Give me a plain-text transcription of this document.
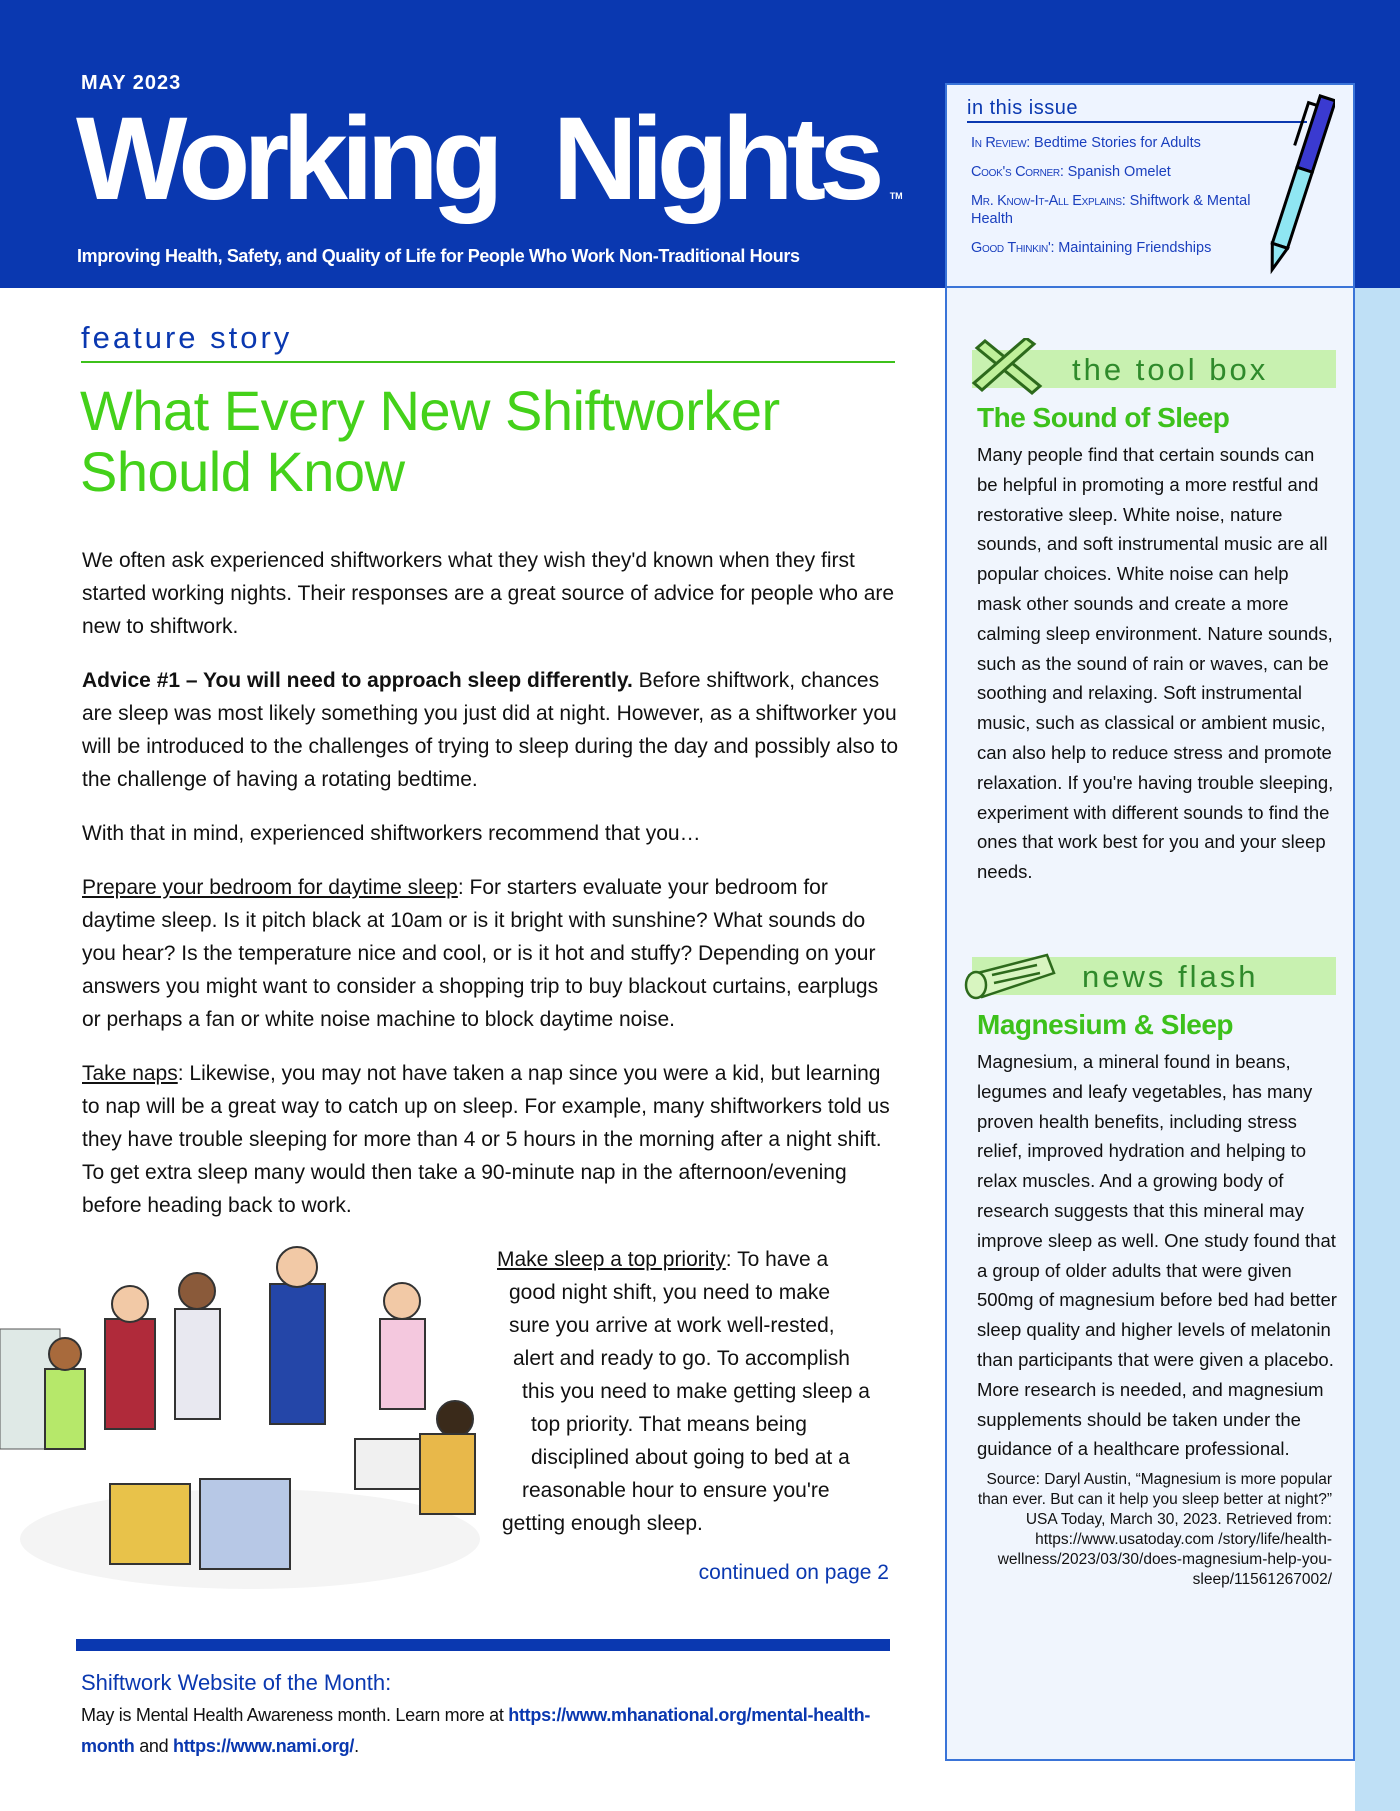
MAY 2023
Working Nights TM
Improving Health, Safety, and Quality of Life for People Who Work Non-Traditional Hours
in this issue
In Review: Bedtime Stories for Adults
Cook's Corner: Spanish Omelet
Mr. Know-It-All Explains: Shiftwork & Mental Health
Good Thinkin': Maintaining Friendships
feature story
What Every New Shiftworker
Should Know

We often ask experienced shiftworkers what they wish they'd known when they first started working nights. Their responses are a great source of advice for people who are new to shiftwork.

Advice #1 – You will need to approach sleep differently. Before shiftwork, chances are sleep was most likely something you just did at night. However, as a shiftworker you will be introduced to the challenges of trying to sleep during the day and possibly also to the challenge of having a rotating bedtime.

With that in mind, experienced shiftworkers recommend that you…

Prepare your bedroom for daytime sleep: For starters evaluate your bedroom for daytime sleep. Is it pitch black at 10am or is it bright with sunshine? What sounds do you hear? Is the temperature nice and cool, or is it hot and stuffy? Depending on your answers you might want to consider a shopping trip to buy blackout curtains, earplugs or perhaps a fan or white noise machine to block daytime noise.

Take naps: Likewise, you may not have taken a nap since you were a kid, but learning to nap will be a great way to catch up on sleep. For example, many shiftworkers told us they have trouble sleeping for more than 4 or 5 hours in the morning after a night shift. To get extra sleep many would then take a 90-minute nap in the afternoon/evening before heading back to work.

Make sleep a top priority: To have a
good night shift, you need to make
sure you arrive at work well-rested,
alert and ready to go. To accomplish
this you need to make getting sleep a
top priority. That means being
disciplined about going to bed at a
reasonable hour to ensure you're
getting enough sleep.
continued on page 2
Shiftwork Website of the Month:

May is Mental Health Awareness month. Learn more at https://www.mhanational.org/mental-health-month and https://www.nami.org/.

the tool box
The Sound of Sleep

Many people find that certain sounds can be helpful in promoting a more restful and restorative sleep. White noise, nature sounds, and soft instrumental music are all popular choices. White noise can help mask other sounds and create a more calming sleep environment. Nature sounds, such as the sound of rain or waves, can be soothing and relaxing. Soft instrumental music, such as classical or ambient music, can also help to reduce stress and promote relaxation. If you're having trouble sleeping, experiment with different sounds to find the ones that work best for you and your sleep needs.

news flash
Magnesium & Sleep

Magnesium, a mineral found in beans, legumes and leafy vegetables, has many proven health benefits, including stress relief, improved hydration and helping to relax muscles. And a growing body of research suggests that this mineral may improve sleep as well. One study found that a group of older adults that were given 500mg of magnesium before bed had better sleep quality and higher levels of melatonin than participants that were given a placebo. More research is needed, and magnesium supplements should be taken under the guidance of a healthcare professional.

Source: Daryl Austin, “Magnesium is more popular than ever. But can it help you sleep better at night?” USA Today, March 30, 2023. Retrieved from: https://www.usatoday.com /story/life/health-wellness/2023/03/30/does-magnesium-help-you-sleep/11561267002/
